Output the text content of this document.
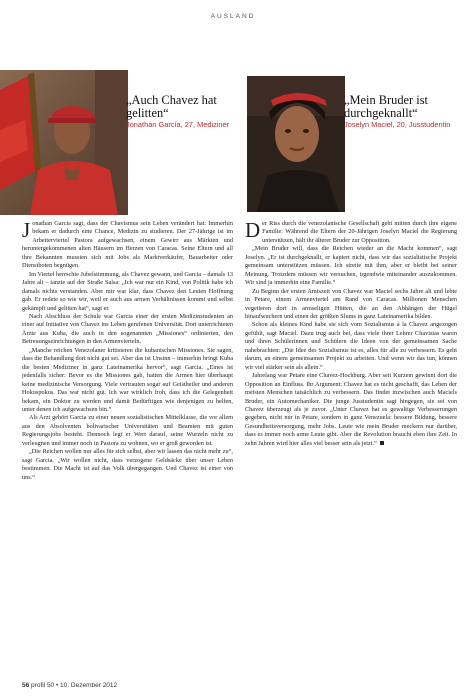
AUSLAND
„Auch Chavez hat gelitten“
Jonathan García, 27, Mediziner
„Mein Bruder ist durchgeknallt“
Joselyn Maciel, 20, Jusstudentin

Jonathan Garcia sagt, dass der Chavismus sein Leben verändert hat: Immerhin bekam er dadurch eine Chance, Medizin zu studieren. Der 27-Jährige ist im Arbeiterviertel Pastora aufgewachsen, einem Gewirr aus Märkten und heruntergekommenen alten Häusern im Herzen von Caracas. Seine Eltern und all ihre Bekannten mussten sich mit Jobs als Marktverkäufer, Bauarbeiter oder Dienstboten begnügen.

Im Viertel herrschte Jubelstimmung, als Chavez gewann, und Garcia – damals 13 Jahre alt – tanzte auf der Straße Salsa: „Ich war nur ein Kind, von Politik habe ich damals nichts verstanden. Aber mir war klar, dass Chavez den Leuten Hoffnung gab. Er redete so wie wir, weil er auch aus armen Verhältnissen kommt und selbst gekämpft und gelitten hat“, sagt er.

Nach Abschluss der Schule war Garcia einer der ersten Medizinstudenten an einer auf Initiative von Chavez ins Leben gerufenen Universität. Dort unterrichteten Ärzte aus Kuba, die auch in den sogenannten „Missiones“ ordinierten, den Betreuungseinrichtungen in den Armenvierteln.

„Manche reichen Venezolaner kritisieren die kubanischen Missiones. Sie sagen, dass die Behandlung dort nicht gut sei. Aber das ist Unsinn – immerhin bringt Kuba die besten Mediziner in ganz Lateinamerika hervor“, sagt Garcia. „Eines ist jedenfalls sicher: Bevor es die Missiones gab, hatten die Armen hier überhaupt keine medizinische Versorgung. Viele vertrauten sogar auf Geistheiler und anderen Hokuspokus. Das war nicht gut. Ich war wirklich froh, dass ich die Gelegenheit bekam, ein Doktor zu werden und damit Bedürftigen wie denjenigen zu helfen, unter denen ich aufgewachsen bin.“

Als Arzt gehört Garcia zu einer neuen sozialistischen Mittelklasse, die vor allem aus den Absolventen bolivarischer Universitäten und Beamten mit guten Regierungsjobs besteht. Dennoch legt er Wert darauf, seine Wurzeln nicht zu verleugnen und immer noch in Pastora zu wohnen, wo er groß geworden ist.

„Die Reichen wollen nur alles für sich selbst, aber wir lassen das nicht mehr zu“, sagt Garcia. „Wir wollen nicht, dass verzogene Geldsäcke über unser Leben bestimmen. Die Macht ist auf das Volk übergegangen. Und Chavez ist einer von uns.“

Der Riss durch die venezolanische Gesellschaft geht mitten durch ihre eigene Familie: Während die Eltern der 20-Jährigen Joselyn Maciel die Regierung unterstützen, hält ihr älterer Bruder zur Opposition.

„Mein Bruder will, dass die Reichen wieder an die Macht kommen“, sagt Joselyn. „Er ist durchgeknallt, er kapiert nicht, dass wir das sozialistische Projekt gemeinsam unterstützen müssen. Ich streite mit ihm, aber er bleibt bei seiner Meinung. Trotzdem müssen wir versuchen, irgendwie miteinander auszukommen. Wir sind ja immerhin eine Familie.“

Zu Beginn der ersten Amtszeit von Chavez war Maciel sechs Jahre alt und lebte in Petare, einem Armenviertel am Rand von Caracas. Millionen Menschen vegetieren dort in armseligen Hütten, die an den Abhängen der Hügel hinaufwuchern und einen der größten Slums in ganz Lateinamerika bilden.

Schon als kleines Kind habe sie sich vom Sozialismus à la Chavez angezogen gefühlt, sagt Maciel. Dazu trug auch bei, dass viele ihrer Lehrer Chavistas waren und ihren Schülerinnen und Schülern die Ideen von der gemeinsamen Sache nahebrachten: „Die Idee des Sozialismus ist es, alles für alle zu verbessern. Es geht darum, an einem gemeinsamen Projekt zu arbeiten. Und wenn wir das tun, können wir viel stärker sein als allein.“

Jahrelang war Petare eine Chavez-Hochburg. Aber seit Kurzem gewinnt dort die Opposition an Einfluss. Ihr Argument: Chavez hat es nicht geschafft, das Leben der meisten Menschen tatsächlich zu verbessern. Das findet inzwischen auch Maciels Bruder, ein Automechaniker. Die junge Jusstudentin sagt hingegen, sie sei von Chavez überzeugt als je zuvor. „Unter Chavez hat es gewaltige Verbesserungen gegeben, nicht nur in Petare, sondern in ganz Venezuela: bessere Bildung, bessere Gesundheitsversorgung, mehr Jobs. Leute wie mein Bruder meckern nur darüber, dass es immer noch arme Leute gibt. Aber die Revolution braucht eben ihre Zeit. In zehn Jahren wird hier alles viel besser sein als jetzt.“

56 profil 50 • 10. Dezember 2012
